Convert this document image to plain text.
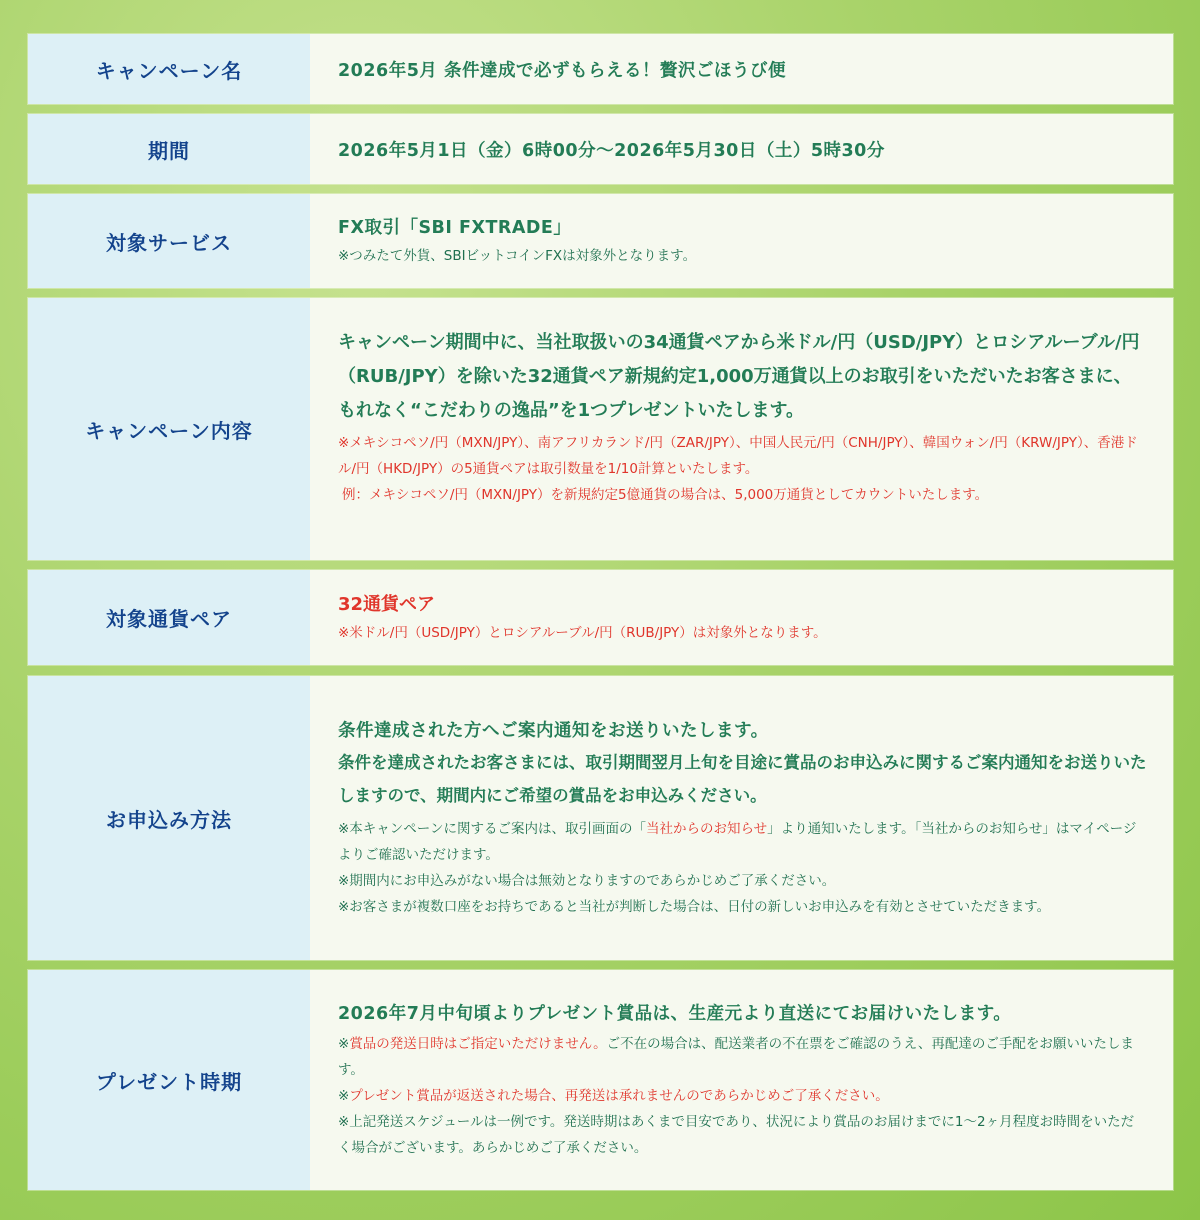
キャンペーン名	2026年5月 条件達成で必ずもらえる！贅沢ごほうび便
期間	2026年5月1日（金）6時00分〜2026年5月30日（土）5時30分
対象サービス
FX取引「SBI FXTRADE」
※つみたて外貨、SBIビットコインFXは対象外となります。
キャンペーン内容
キャンペーン期間中に、当社取扱いの34通貨ペアから米ドル/円（USD/JPY）とロシアルーブル/円（RUB/JPY）を除いた32通貨ペア新規約定1,000万通貨以上のお取引をいただいたお客さまに、もれなく“こだわりの逸品”を1つプレゼントいたします。
※メキシコペソ/円（MXN/JPY）、南アフリカランド/円（ZAR/JPY）、中国人民元/円（CNH/JPY）、韓国ウォン/円（KRW/JPY）、香港ドル/円（HKD/JPY）の5通貨ペアは取引数量を1/10計算といたします。
例：メキシコペソ/円（MXN/JPY）を新規約定5億通貨の場合は、5,000万通貨としてカウントいたします。
対象通貨ペア
32通貨ペア
※米ドル/円（USD/JPY）とロシアルーブル/円（RUB/JPY）は対象外となります。
お申込み方法
条件達成された方へご案内通知をお送りいたします。
条件を達成されたお客さまには、取引期間翌月上旬を目途に賞品のお申込みに関するご案内通知をお送りいたしますので、期間内にご希望の賞品をお申込みください。
※本キャンペーンに関するご案内は、取引画面の「当社からのお知らせ」より通知いたします。「当社からのお知らせ」はマイページよりご確認いただけます。
※期間内にお申込みがない場合は無効となりますのであらかじめご了承ください。
※お客さまが複数口座をお持ちであると当社が判断した場合は、日付の新しいお申込みを有効とさせていただきます。
プレゼント時期
2026年7月中旬頃よりプレゼント賞品は、生産元より直送にてお届けいたします。
※賞品の発送日時はご指定いただけません。ご不在の場合は、配送業者の不在票をご確認のうえ、再配達のご手配をお願いいたします。
※プレゼント賞品が返送された場合、再発送は承れませんのであらかじめご了承ください。
※上記発送スケジュールは一例です。発送時期はあくまで目安であり、状況により賞品のお届けまでに1〜2ヶ月程度お時間をいただく場合がございます。あらかじめご了承ください。
